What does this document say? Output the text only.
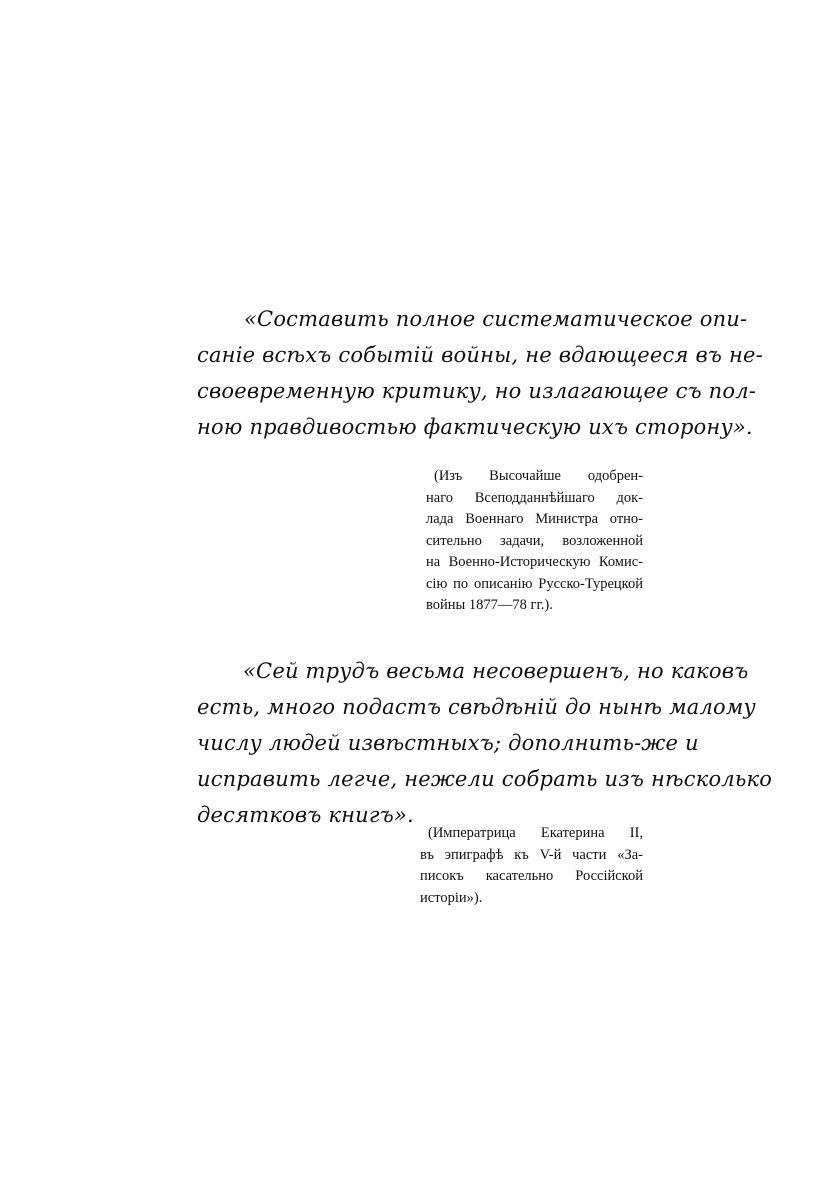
«Составить полное систематическое опи-
саніе всѣхъ событій войны, не вдающееся въ не-
своевременную критику, но излагающее съ пол-
ною правдивостью фактическую ихъ сторону».
(Изъ Высочайше одобрен-
наго Всеподданнѣйшаго док-
лада Военнаго Министра отно-
сительно задачи, возложенной
на Военно-Историческую Комис-
сію по описанію Русско-Турецкой
войны 1877—78 гг.).
«Сей трудъ весьма несовершенъ, но каковъ
есть, много подастъ свѣдѣній до нынѣ малому
числу людей извѣстныхъ; дополнить-же и
исправить легче, нежели собрать изъ нѣсколько
десятковъ книгъ».
(Императрица Екатерина II,
въ эпиграфѣ къ V-й части «За-
писокъ касательно Россійской
исторіи»).
